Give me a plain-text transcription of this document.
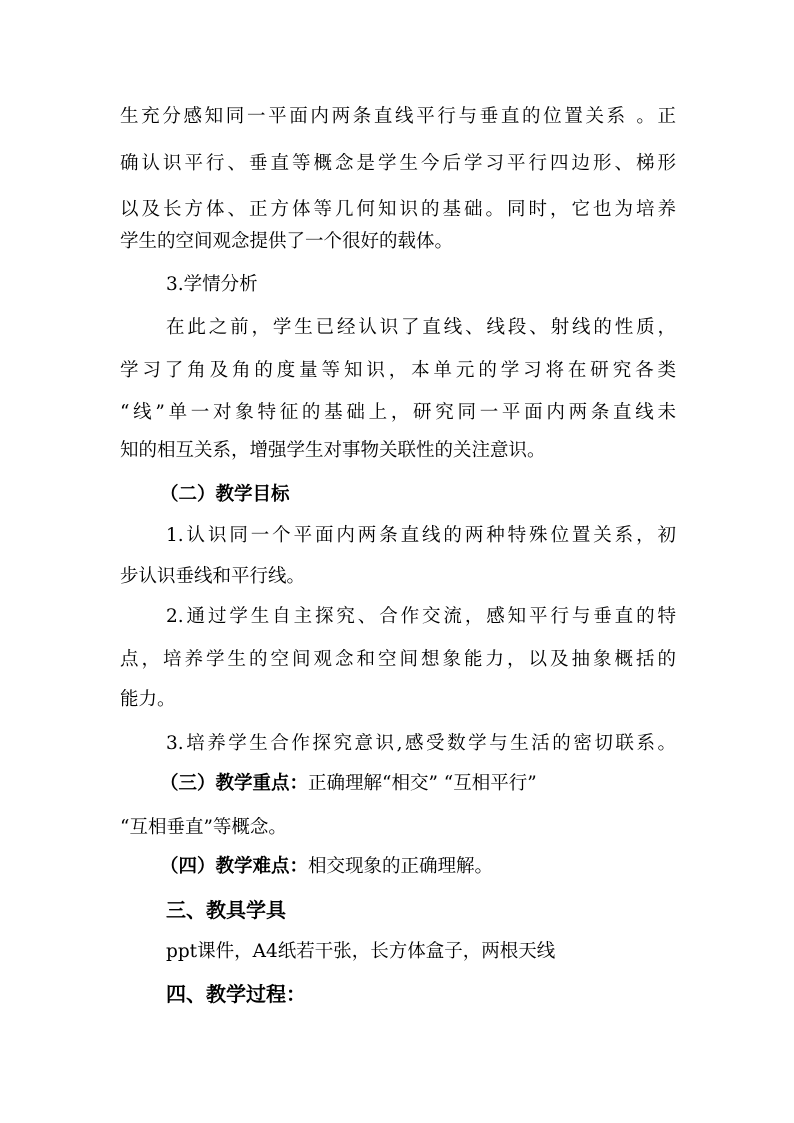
生充分感知同一平面内两条直线平行与垂直的位置关系 。正
确认识平行、垂直等概念是学生今后学习平行四边形、梯形
以及长方体、正方体等几何知识的基础。同时，它也为培养
学生的空间观念提供了一个很好的载体。
3.学情分析
在此之前，学生已经认识了直线、线段、射线的性质，
学习了角及角的度量等知识，本单元的学习将在研究各类
“线”单一对象特征的基础上，研究同一平面内两条直线未
知的相互关系，增强学生对事物关联性的关注意识。
（二）教学目标
1.认识同一个平面内两条直线的两种特殊位置关系，初
步认识垂线和平行线。
2.通过学生自主探究、合作交流，感知平行与垂直的特
点，培养学生的空间观念和空间想象能力，以及抽象概括的
能力。
3.培养学生合作探究意识,感受数学与生活的密切联系。
（三）教学重点：正确理解“相交” “互相平行”
“互相垂直”等概念。
（四）教学难点：相交现象的正确理解。
三、教具学具
ppt课件，A4纸若干张，长方体盒子，两根天线
四、教学过程：
